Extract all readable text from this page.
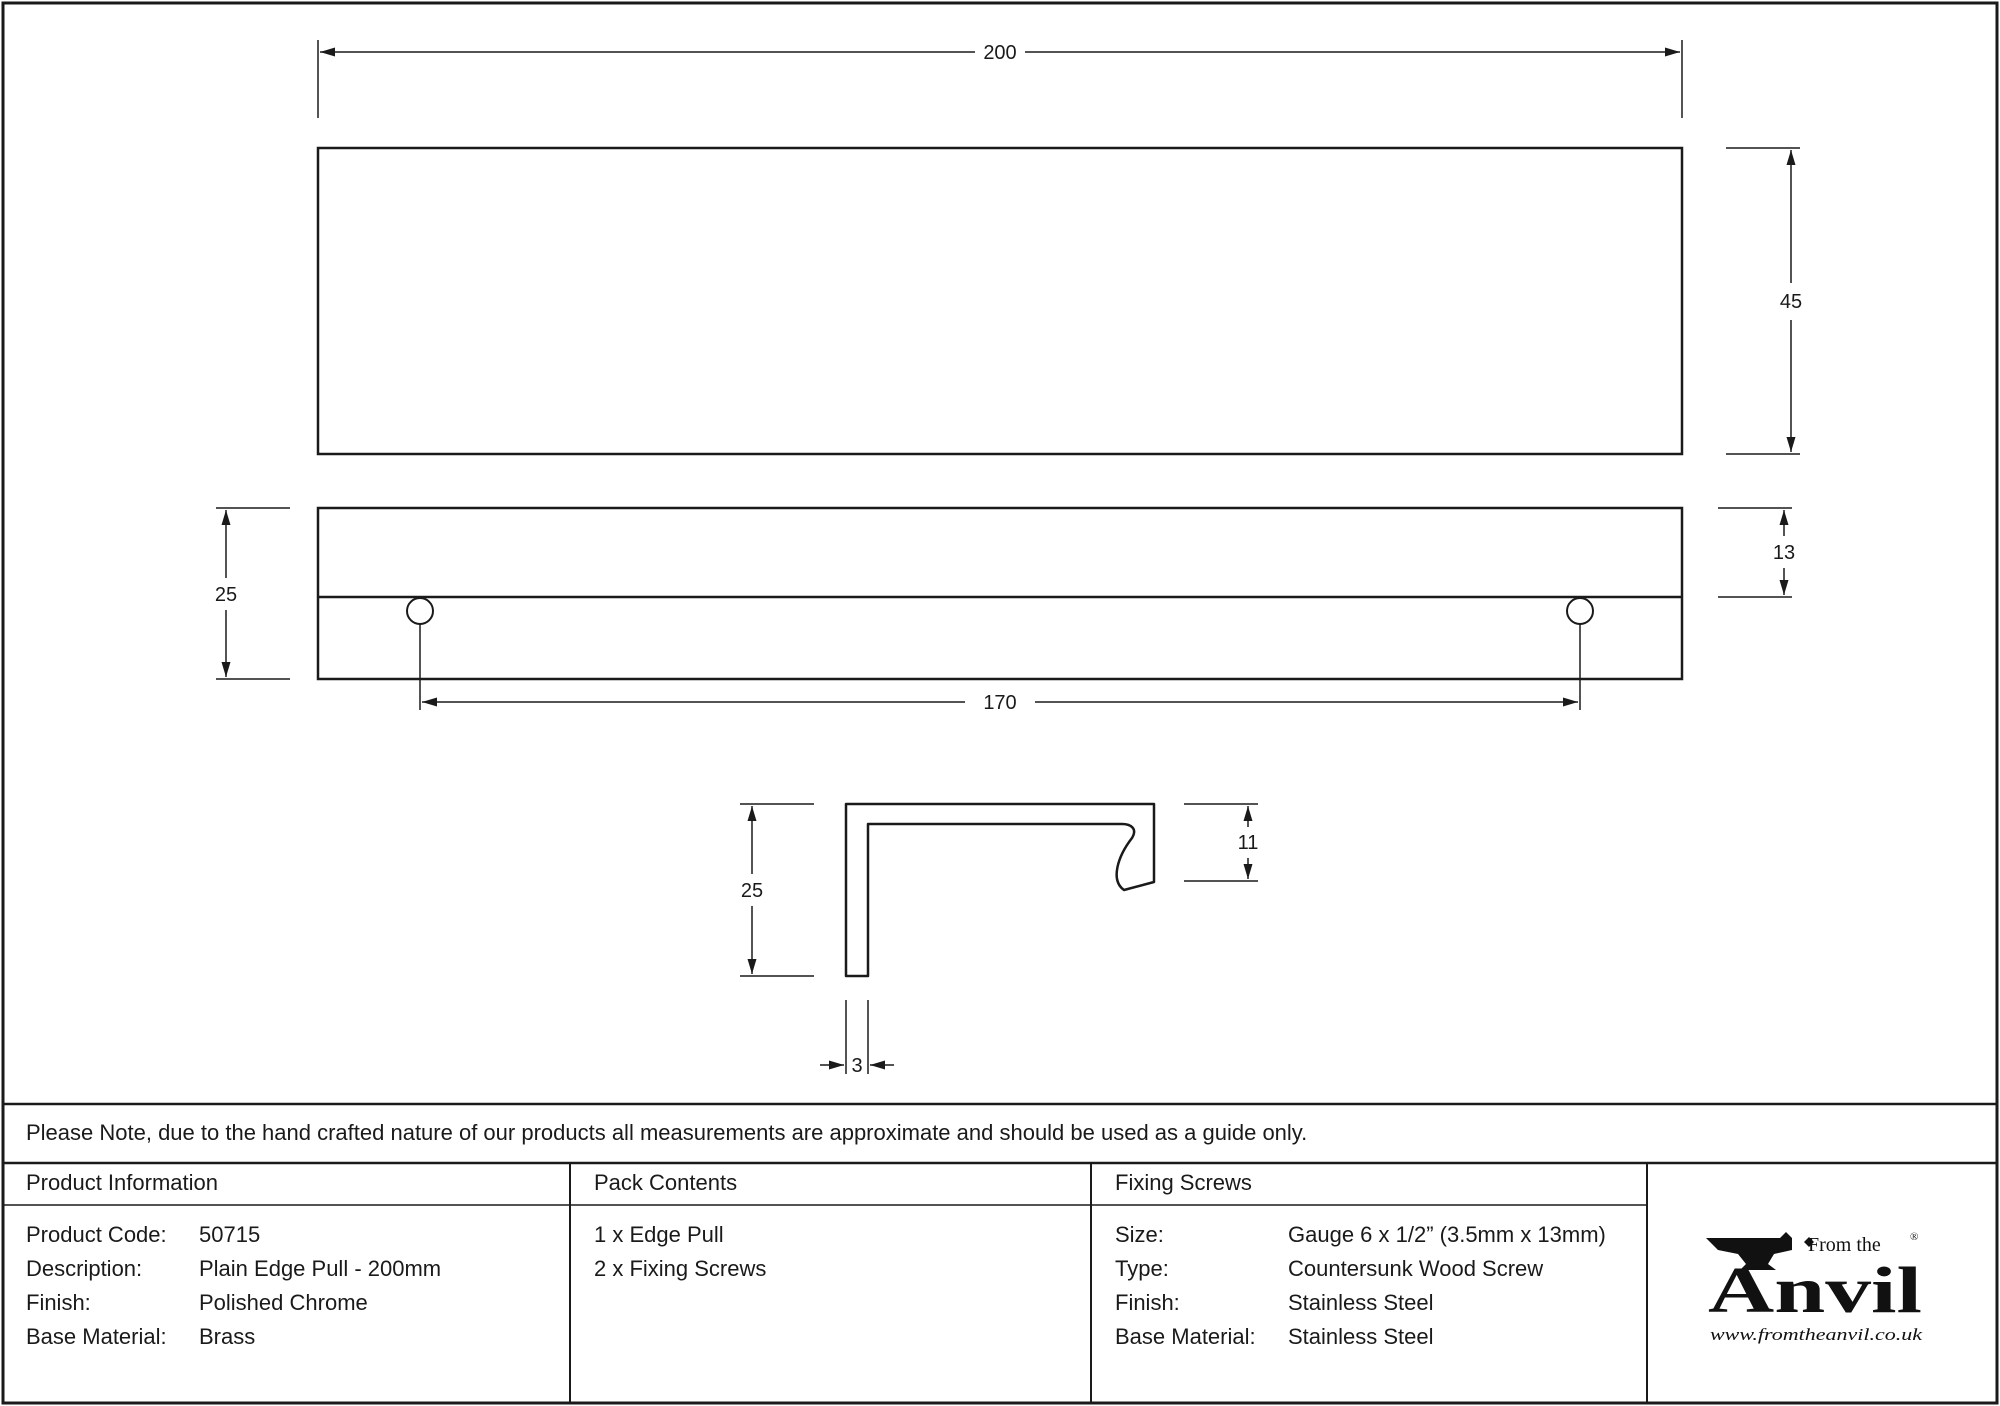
200
45
25
13
170
25
11
3
Please Note, due to the hand crafted nature of our products all measurements are approximate and should be used as a guide only.
Product Information
Product Code: 50715
Description:	Plain Edge Pull - 200mm
Finish:	Polished Chrome
Base Material: Brass
Pack Contents
1 x Edge Pull
2 x Fixing Screws
Fixing Screws
Size:	Gauge 6 x 1/2” (3.5mm x 13mm)
Type:	Countersunk Wood Screw
Finish:	Stainless Steel
Base Material: Stainless Steel
From the	®
Anvil
www.fromtheanvil.co.uk
